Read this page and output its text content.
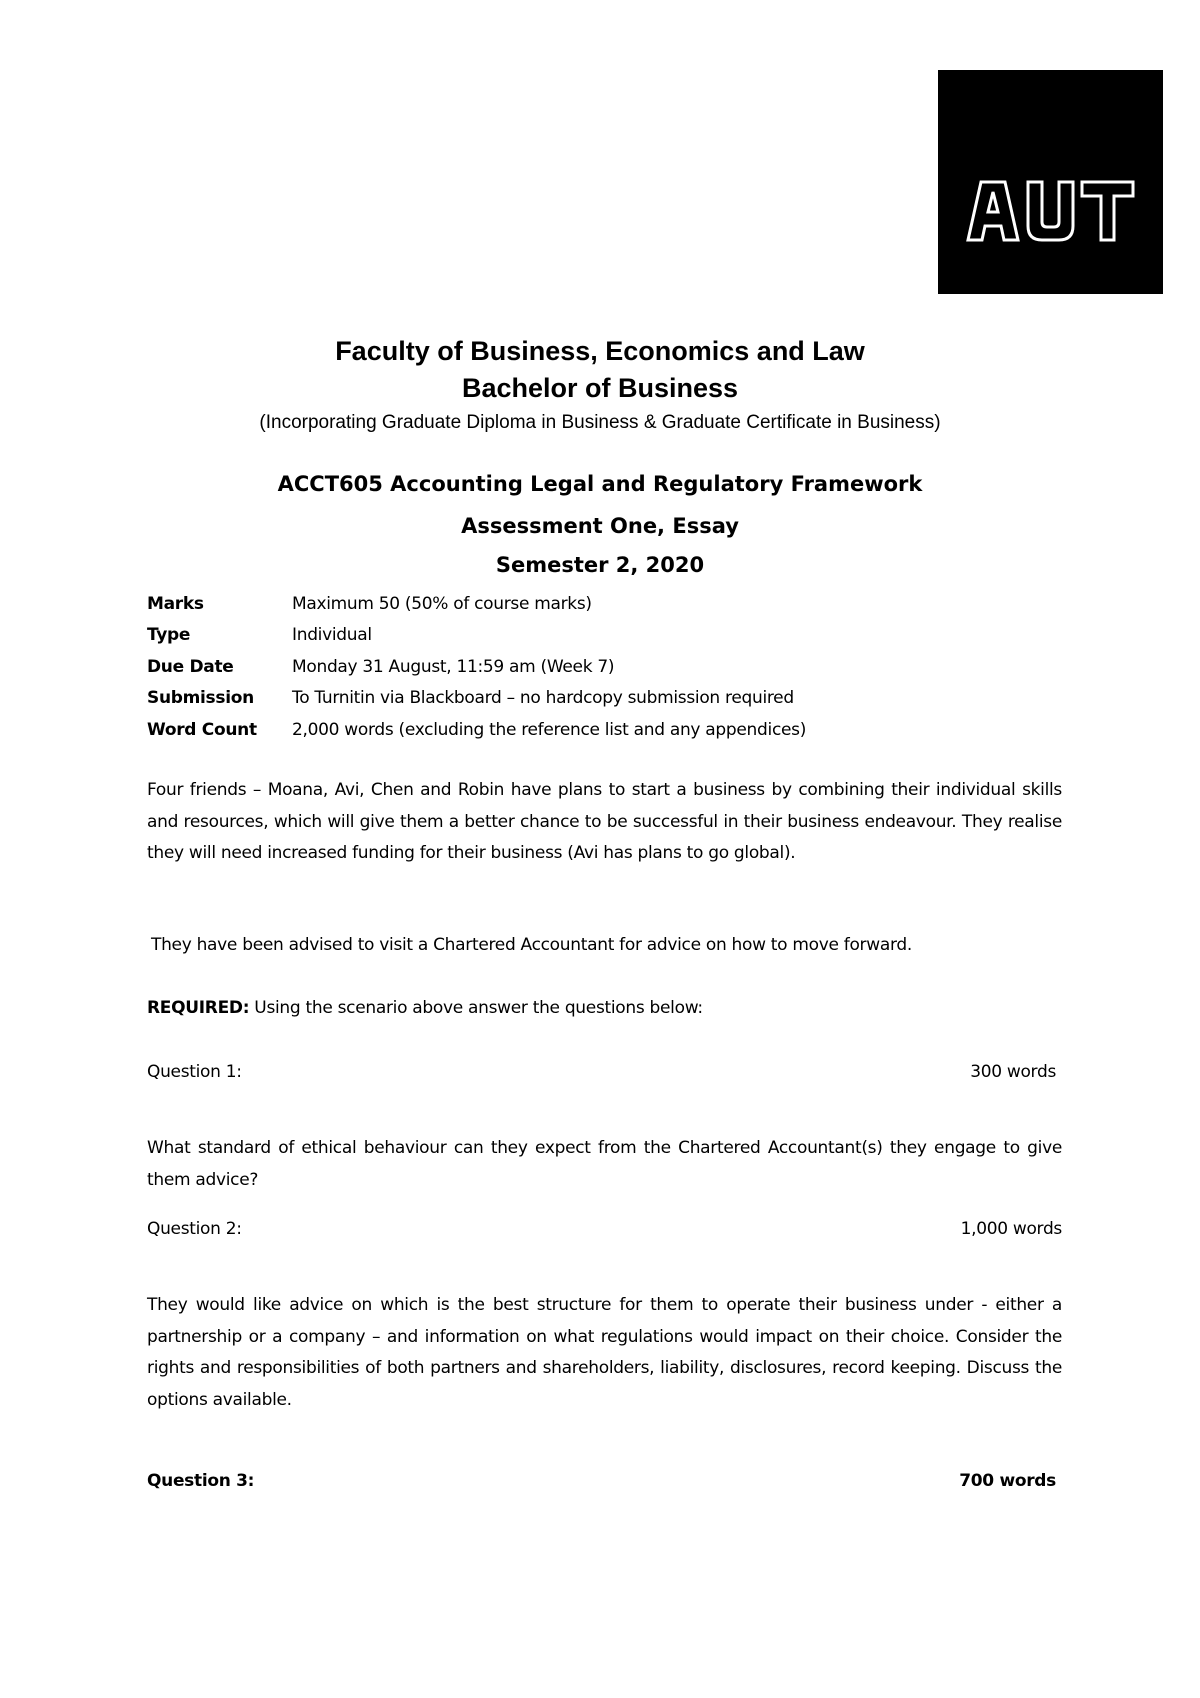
Faculty of Business, Economics and Law
Bachelor of Business
(Incorporating Graduate Diploma in Business & Graduate Certificate in Business)
ACCT605 Accounting Legal and Regulatory Framework
Assessment One, Essay
Semester 2, 2020
Marks	Maximum 50 (50% of course marks)
Type	Individual
Due Date	Monday 31 August, 11:59 am (Week 7)
Submission	To Turnitin via Blackboard – no hardcopy submission required
Word Count	2,000 words (excluding the reference list and any appendices)
Four friends – Moana, Avi, Chen and Robin have plans to start a business by combining their individual skills and resources, which will give them a better chance to be successful in their business endeavour. They realise they will need increased funding for their business (Avi has plans to go global).
They have been advised to visit a Chartered Accountant for advice on how to move forward.
REQUIRED: Using the scenario above answer the questions below:
Question 1:	300 words
What standard of ethical behaviour can they expect from the Chartered Accountant(s) they engage to give them advice?
Question 2:	1,000 words
They would like advice on which is the best structure for them to operate their business under - either a partnership or a company – and information on what regulations would impact on their choice. Consider the rights and responsibilities of both partners and shareholders, liability, disclosures, record keeping. Discuss the options available.
Question 3:	700 words
